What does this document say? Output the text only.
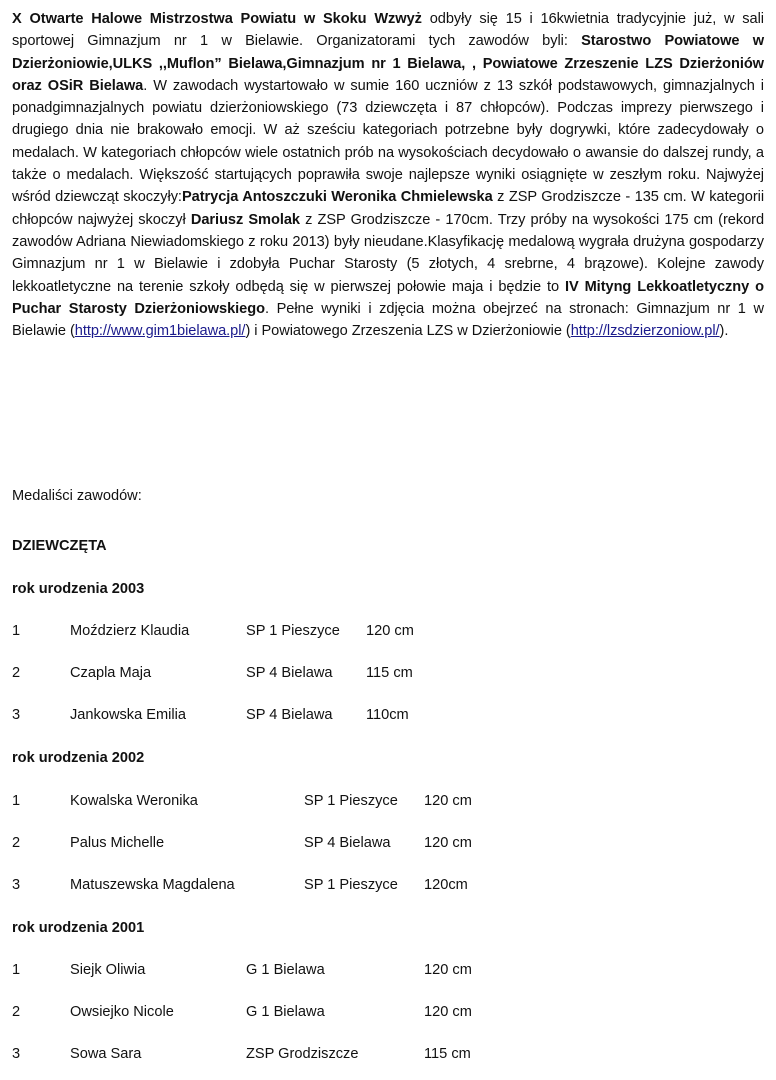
X Otwarte Halowe Mistrzostwa Powiatu w Skoku Wzwyż odbyły się 15 i 16kwietnia tradycyjnie już, w sali sportowej Gimnazjum nr 1 w Bielawie. Organizatorami tych zawodów byli: Starostwo Powiatowe w Dzierżoniowie,ULKS ,,Muflon” Bielawa,Gimnazjum nr 1 Bielawa, , Powiatowe Zrzeszenie LZS Dzierżoniów oraz OSiR Bielawa. W zawodach wystartowało w sumie 160 uczniów z 13 szkół podstawowych, gimnazjalnych i ponadgimnazjalnych powiatu dzierżoniowskiego (73 dziewczęta i 87 chłopców). Podczas imprezy pierwszego i drugiego dnia nie brakowało emocji. W aż sześciu kategoriach potrzebne były dogrywki, które zadecydowały o medalach. W kategoriach chłopców wiele ostatnich prób na wysokościach decydowało o awansie do dalszej rundy, a także o medalach. Większość startujących poprawiła swoje najlepsze wyniki osiągnięte w zeszłym roku. Najwyżej wśród dziewcząt skoczyły:Patrycja Antoszczuki Weronika Chmielewska z ZSP Grodziszcze - 135 cm. W kategorii chłopców najwyżej skoczył Dariusz Smolak z ZSP Grodziszcze - 170cm. Trzy próby na wysokości 175 cm (rekord zawodów Adriana Niewiadomskiego z roku 2013) były nieudane.Klasyfikację medalową wygrała drużyna gospodarzy Gimnazjum nr 1 w Bielawie i zdobyła Puchar Starosty (5 złotych, 4 srebrne, 4 brązowe). Kolejne zawody lekkoatletyczne na terenie szkoły odbędą się w pierwszej połowie maja i będzie to IV Mityng Lekkoatletyczny o Puchar Starosty Dzierżoniowskiego. Pełne wyniki i zdjęcia można obejrzeć na stronach: Gimnazjum nr 1 w Bielawie (http://www.gim1bielawa.pl/) i Powiatowego Zrzeszenia LZS w Dzierżoniowie (http://lzsdzierzoniow.pl/).

Medaliści zawodów:
DZIEWCZĘTA
rok urodzenia 2003
1	Moździerz Klaudia	SP 1 Pieszyce 120 cm
2	Czapla Maja	SP 4 Bielawa 115 cm
3	Jankowska Emilia	SP 4 Bielawa 110cm
rok urodzenia 2002
1	Kowalska Weronika	SP 1 Pieszyce 120 cm
2	Palus Michelle	SP 4 Bielawa 120 cm
3	Matuszewska Magdalena	SP 1 Pieszyce 120cm
rok urodzenia 2001
1	Siejk Oliwia	G 1 Bielawa	120 cm
2	Owsiejko Nicole	G 1 Bielawa	120 cm
3	Sowa Sara	ZSP Grodziszcze	115 cm
